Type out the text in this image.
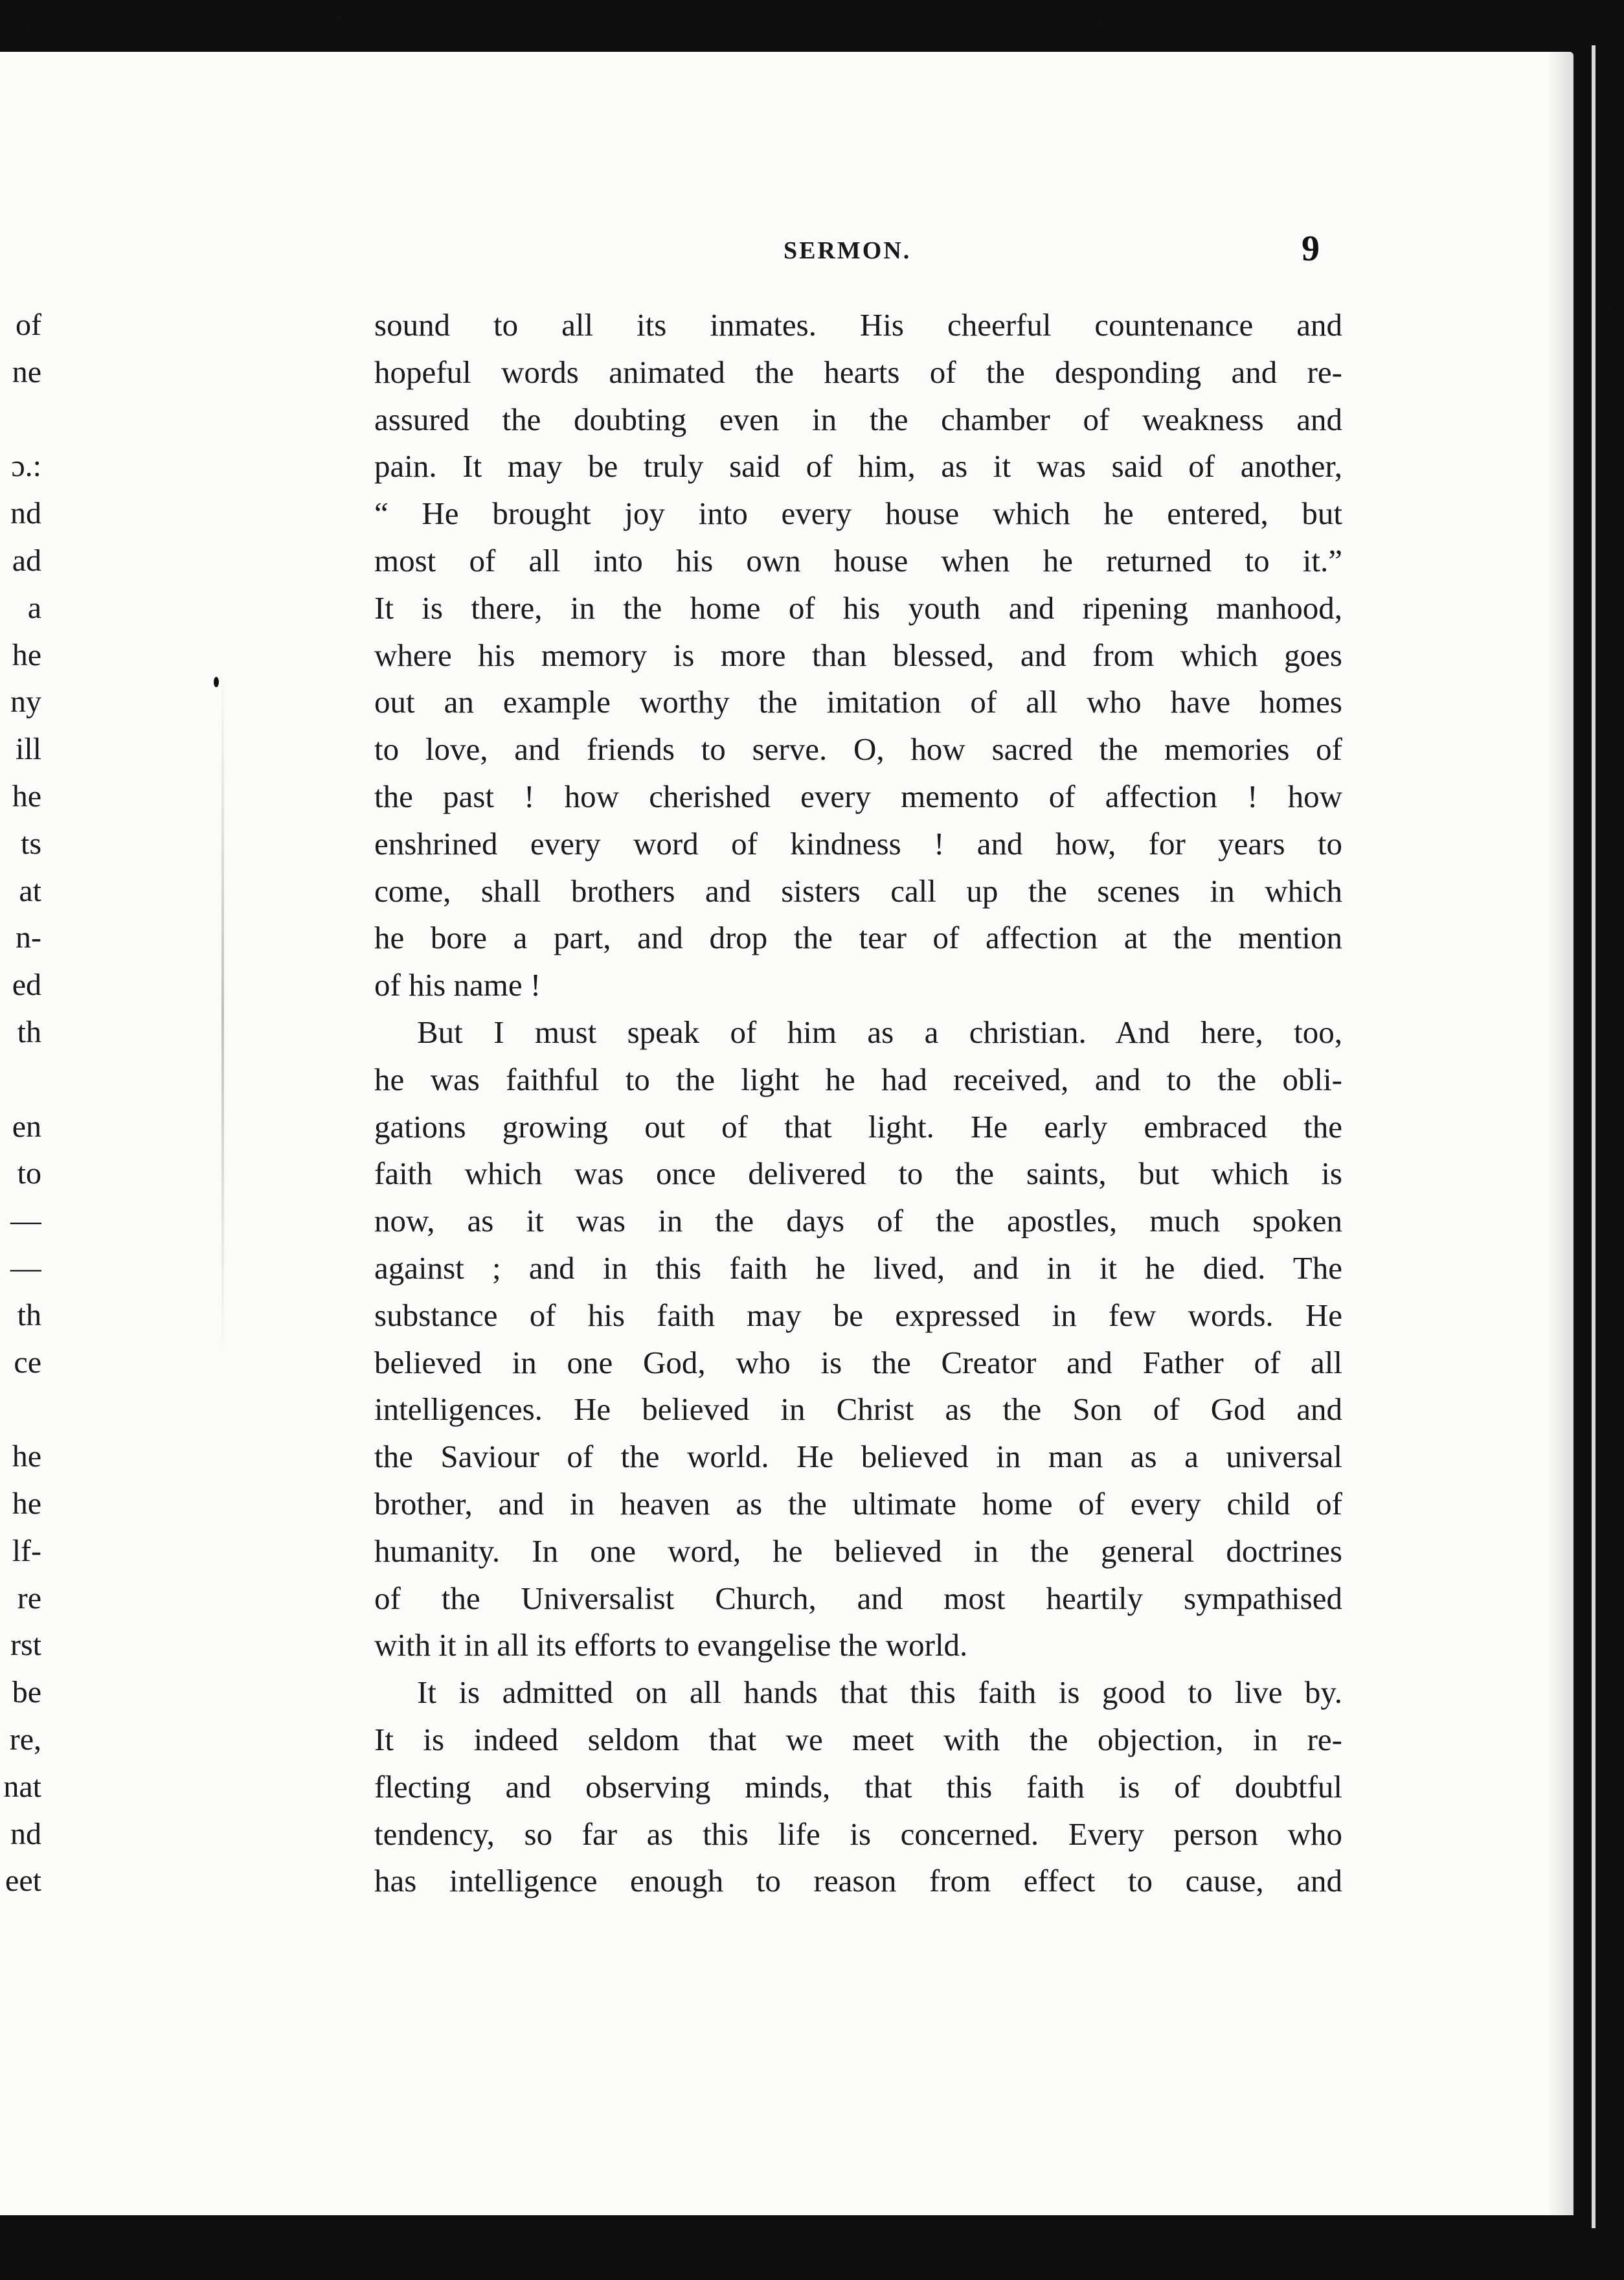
SERMON.	9
of
ne
ɔ.:
nd
ad
a
he
ny
ill
he
ts
at
n-
ed
th
en
to
—
—
th
ce
he
he
lf-
re
rst
be
re,
nat
nd
eet
sound to all its inmates. His cheerful countenance and
hopeful words animated the hearts of the desponding and re-
assured the doubting even in the chamber of weakness and
pain. It may be truly said of him, as it was said of another,
“ He brought joy into every house which he entered, but
most of all into his own house when he returned to it.”
It is there, in the home of his youth and ripening manhood,
where his memory is more than blessed, and from which goes
out an example worthy the imitation of all who have homes
to love, and friends to serve. O, how sacred the memories of
the past ! how cherished every memento of affection ! how
enshrined every word of kindness ! and how, for years to
come, shall brothers and sisters call up the scenes in which
he bore a part, and drop the tear of affection at the mention
of his name !
But I must speak of him as a christian. And here, too,
he was faithful to the light he had received, and to the obli-
gations growing out of that light. He early embraced the
faith which was once delivered to the saints, but which is
now, as it was in the days of the apostles, much spoken
against ; and in this faith he lived, and in it he died. The
substance of his faith may be expressed in few words. He
believed in one God, who is the Creator and Father of all
intelligences. He believed in Christ as the Son of God and
the Saviour of the world. He believed in man as a universal
brother, and in heaven as the ultimate home of every child of
humanity. In one word, he believed in the general doctrines
of the Universalist Church, and most heartily sympathised
with it in all its efforts to evangelise the world.
It is admitted on all hands that this faith is good to live by.
It is indeed seldom that we meet with the objection, in re-
flecting and observing minds, that this faith is of doubtful
tendency, so far as this life is concerned. Every person who
has intelligence enough to reason from effect to cause, and
